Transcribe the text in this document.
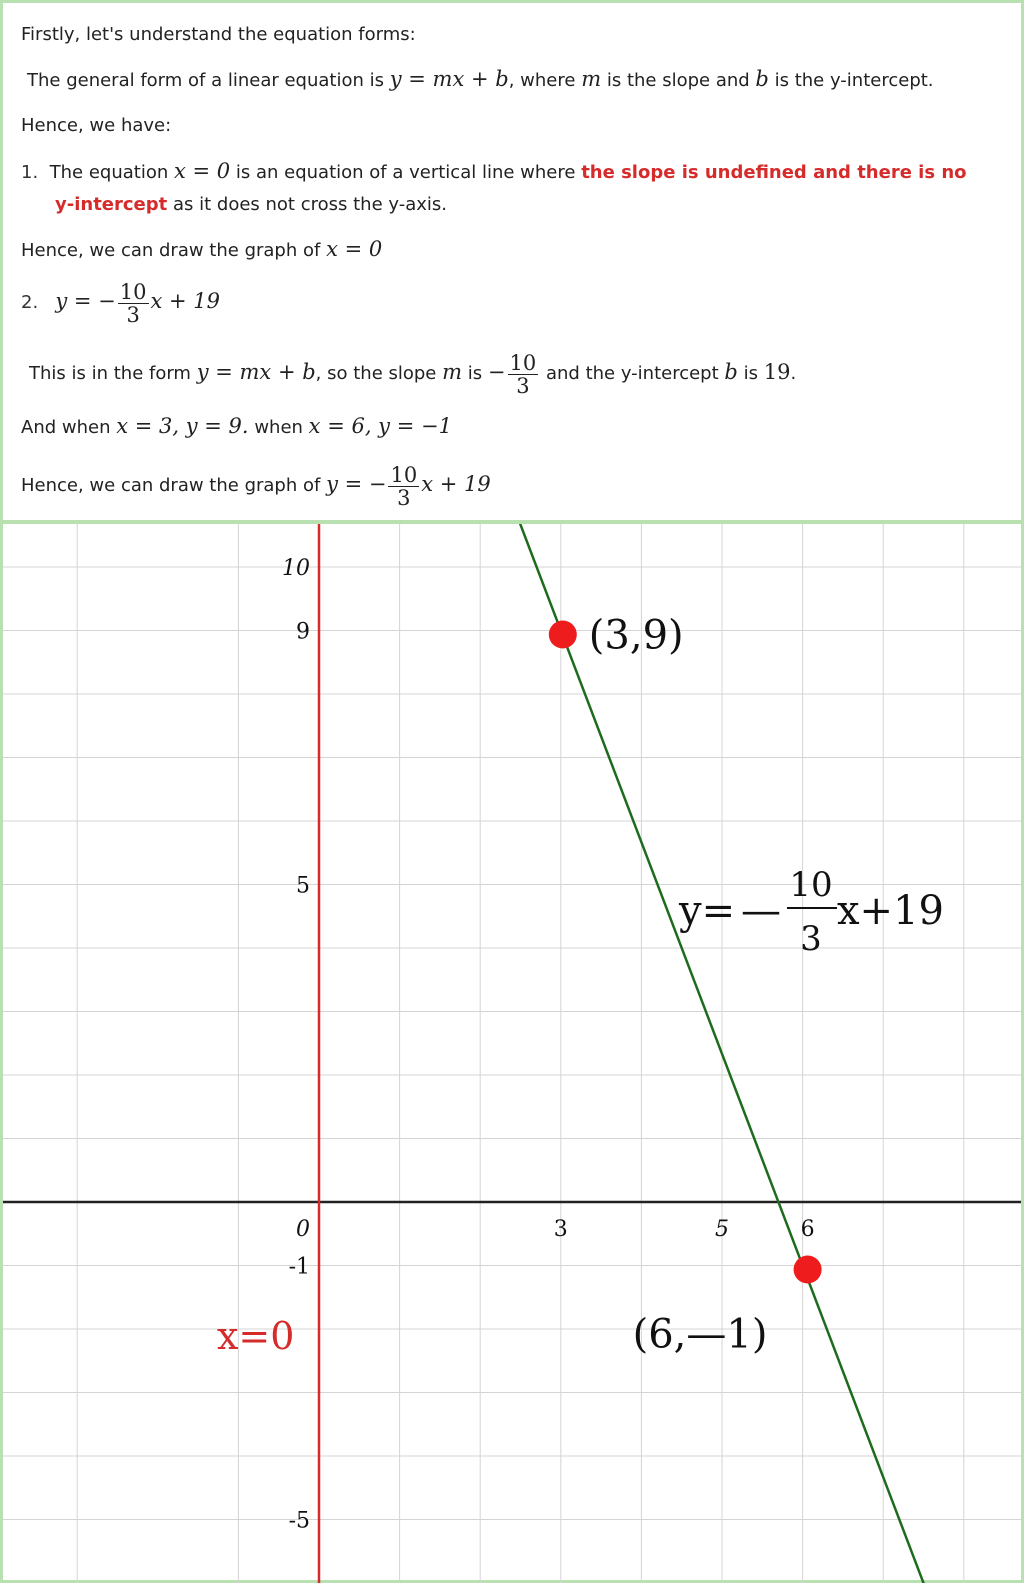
Firstly, let's understand the equation forms:
The general form of a linear equation is y = mx + b, where m is the slope and b is the y-intercept.
Hence, we have:
1. The equation x = 0 is an equation of a vertical line where the slope is undefined and there is no
y-intercept as it does not cross the y-axis.
Hence, we can draw the graph of x = 0
2. y = − $\frac{10}{3}$ x + 19
This is in the form y = mx + b, so the slope m is − $\frac{10}{3}$ and the y-intercept b is 19.
And when x = 3, y = 9. when x = 6, y = −1
Hence, we can draw the graph of y = − $\frac{10}{3}$ x + 19
10
9
5
0
-1
-5
3	5	6
(3,9)
(6,—1)
x=0
y= —
10
3
x+19
